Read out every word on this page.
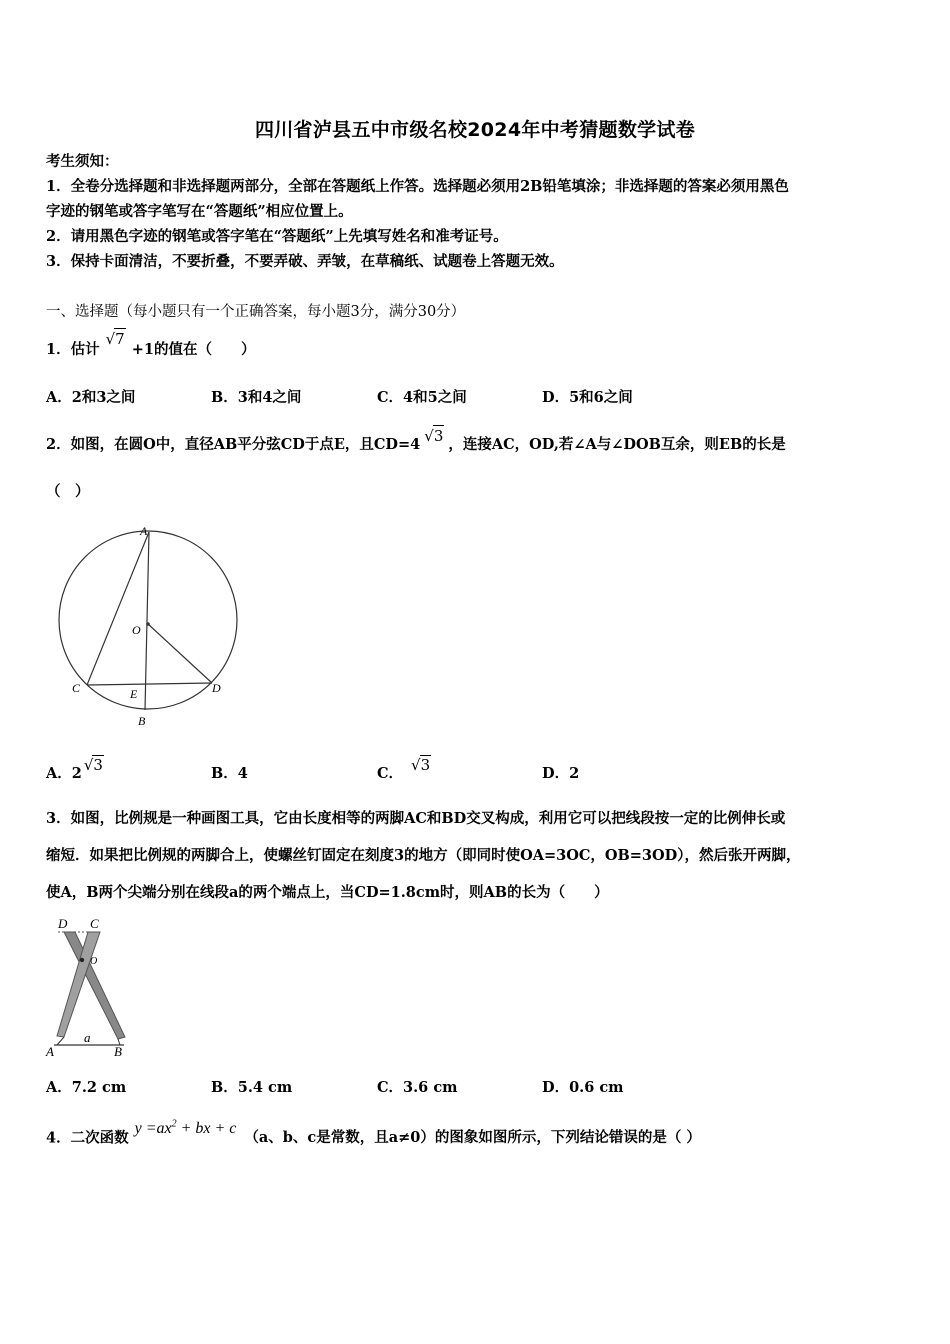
四川省泸县五中市级名校2024年中考猜题数学试卷
考生须知：
1．全卷分选择题和非选择题两部分，全部在答题纸上作答。选择题必须用2B铅笔填涂；非选择题的答案必须用黑色
字迹的钢笔或答字笔写在“答题纸”相应位置上。
2．请用黑色字迹的钢笔或答字笔在“答题纸”上先填写姓名和准考证号。
3．保持卡面清洁，不要折叠，不要弄破、弄皱，在草稿纸、试题卷上答题无效。
一、选择题（每小题只有一个正确答案，每小题3分，满分30分）
1．估计√7+1的值在（　　）
A．2和3之间	B．3和4之间	C．4和5之间	D．5和6之间
2．如图，在圆O中，直径AB平分弦CD于点E，且CD=4 √3 ，连接AC，OD,若∠A与∠DOB互余，则EB的长是
（　）
A
O
C	E	D
B
A．2 √3	B．4	C． √3	D．2
3．如图，比例规是一种画图工具，它由长度相等的两脚AC和BD交叉构成，利用它可以把线段按一定的比例伸长或
缩短．如果把比例规的两脚合上，使螺丝钉固定在刻度3的地方（即同时使OA=3OC，OB=3OD），然后张开两脚，
使A，B两个尖端分别在线段a的两个端点上，当CD=1.8cm时，则AB的长为（　　）
D C
O
a
A	B
A．7.2 cm	B．5.4 cm	C．3.6 cm	D．0.6 cm
4．二次函数$y =ax^2$ + bx + c（a、b、c是常数，且a≠0）的图象如图所示，下列结论错误的是（ ）
